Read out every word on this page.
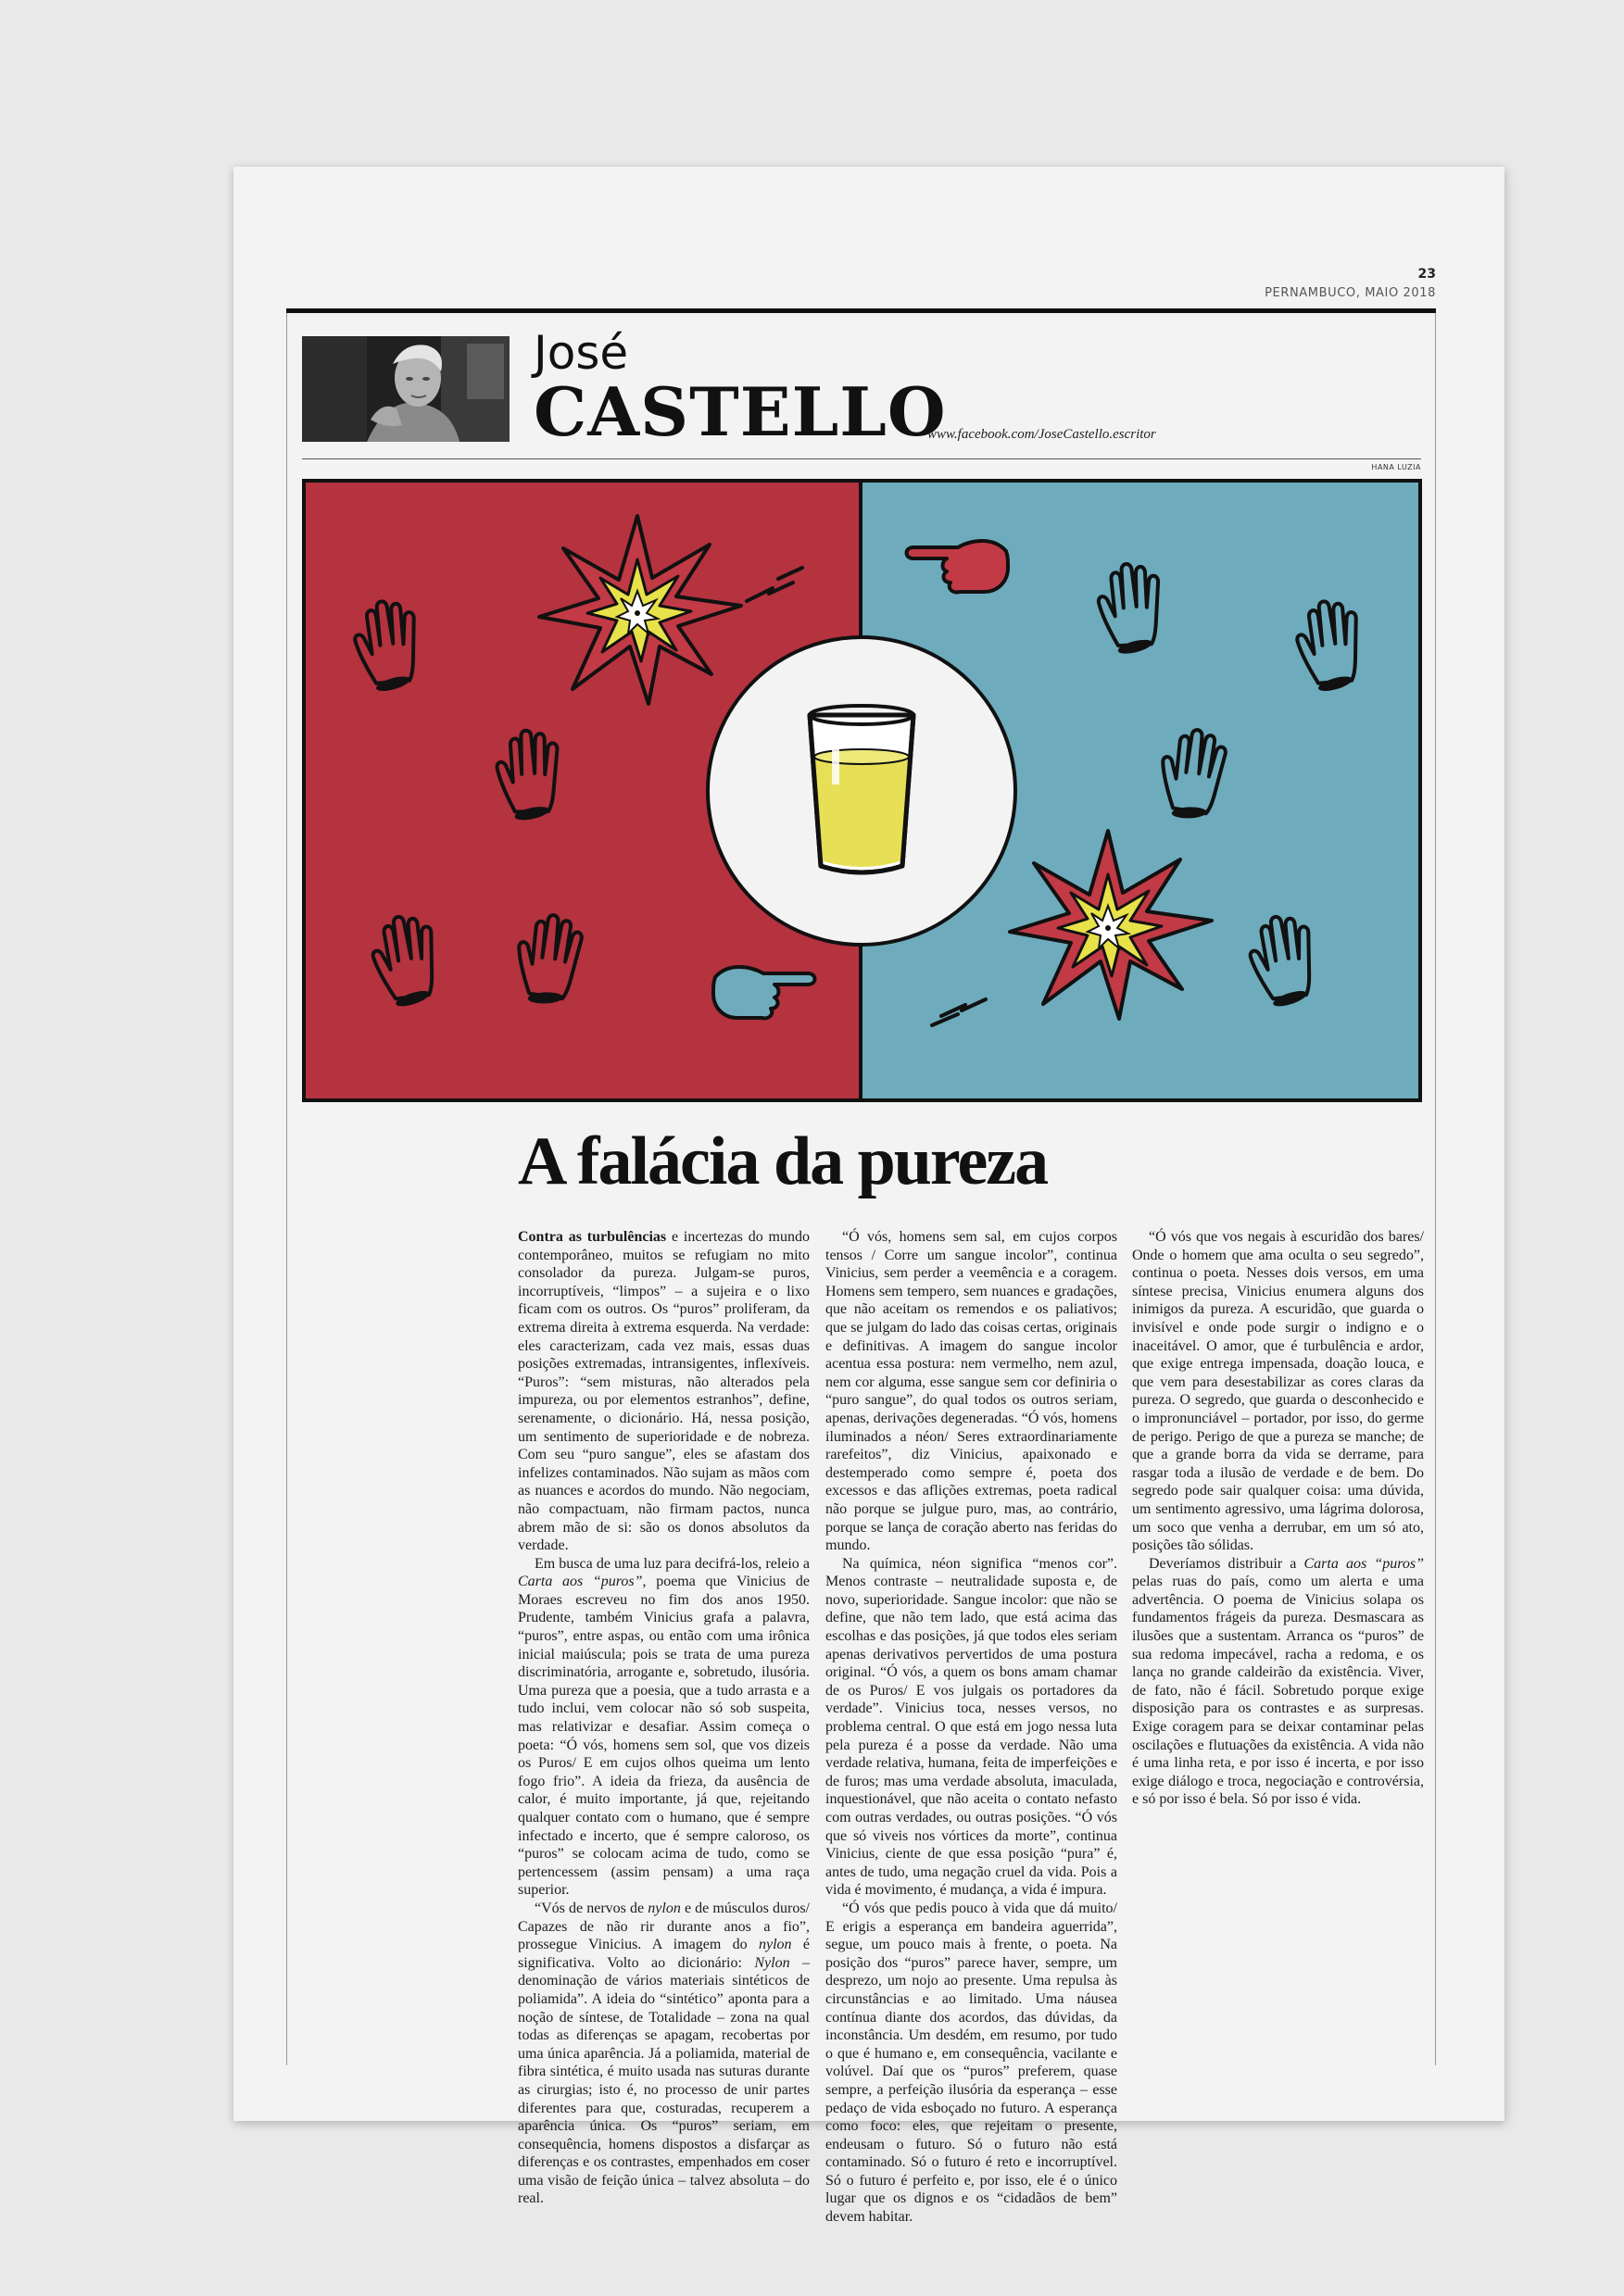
23
PERNAMBUCO, MAIO 2018
José
CASTELLO
www.facebook.com/JoseCastello.escritor
HANA LUZIA
A falácia da pureza

Contra as turbulências e incertezas do mundo contemporâneo, muitos se refugiam no mito consolador da pureza. Julgam-se puros, incorruptíveis, “limpos” – a sujeira e o lixo ficam com os outros. Os “puros” proliferam, da extrema direita à extrema esquerda. Na verdade: eles caracterizam, cada vez mais, essas duas posições extremadas, intransigentes, inflexíveis. “Puros”: “sem misturas, não alterados pela impureza, ou por elementos estranhos”, define, serenamente, o dicionário. Há, nessa posição, um sentimento de superioridade e de nobreza. Com seu “puro sangue”, eles se afastam dos infelizes contaminados. Não sujam as mãos com as nuances e acordos do mundo. Não negociam, não compactuam, não firmam pactos, nunca abrem mão de si: são os donos absolutos da verdade.

Em busca de uma luz para decifrá-los, releio a Carta aos “puros”, poema que Vinicius de Moraes escreveu no fim dos anos 1950. Prudente, também Vinicius grafa a palavra, “puros”, entre aspas, ou então com uma irônica inicial maiúscula; pois se trata de uma pureza discriminatória, arrogante e, sobretudo, ilusória. Uma pureza que a poesia, que a tudo arrasta e a tudo inclui, vem colocar não só sob suspeita, mas relativizar e desafiar. Assim começa o poeta: “Ó vós, homens sem sol, que vos dizeis os Puros/ E em cujos olhos queima um lento fogo frio”. A ideia da frieza, da ausência de calor, é muito importante, já que, rejeitando qualquer contato com o humano, que é sempre infectado e incerto, que é sempre caloroso, os “puros” se colocam acima de tudo, como se pertencessem (assim pensam) a uma raça superior.

“Vós de nervos de nylon e de músculos duros/ Capazes de não rir durante anos a fio”, prossegue Vinicius. A imagem do nylon é significativa. Volto ao dicionário: Nylon – denominação de vários materiais sintéticos de poliamida”. A ideia do “sintético” aponta para a noção de síntese, de Totalidade – zona na qual todas as diferenças se apagam, recobertas por uma única aparência. Já a poliamida, material de fibra sintética, é muito usada nas suturas durante as cirurgias; isto é, no processo de unir partes diferentes para que, costuradas, recuperem a aparência única. Os “puros” seriam, em consequência, homens dispostos a disfarçar as diferenças e os contrastes, empenhados em coser uma visão de feição única – talvez absoluta – do real.

“Ó vós, homens sem sal, em cujos corpos tensos / Corre um sangue incolor”, continua Vinicius, sem perder a veemência e a coragem. Homens sem tempero, sem nuances e gradações, que não aceitam os remendos e os paliativos; que se julgam do lado das coisas certas, originais e definitivas. A imagem do sangue incolor acentua essa postura: nem vermelho, nem azul, nem cor alguma, esse sangue sem cor definiria o “puro sangue”, do qual todos os outros seriam, apenas, derivações degeneradas. “Ó vós, homens iluminados a néon/ Seres extraordinariamente rarefeitos”, diz Vinicius, apaixonado e destemperado como sempre é, poeta dos excessos e das aflições extremas, poeta radical não porque se julgue puro, mas, ao contrário, porque se lança de coração aberto nas feridas do mundo.

Na química, néon significa “menos cor”. Menos contraste – neutralidade suposta e, de novo, superioridade. Sangue incolor: que não se define, que não tem lado, que está acima das escolhas e das posições, já que todos eles seriam apenas derivativos pervertidos de uma postura original. “Ó vós, a quem os bons amam chamar de os Puros/ E vos julgais os portadores da verdade”. Vinicius toca, nesses versos, no problema central. O que está em jogo nessa luta pela pureza é a posse da verdade. Não uma verdade relativa, humana, feita de imperfeições e de furos; mas uma verdade absoluta, imaculada, inquestionável, que não aceita o contato nefasto com outras verdades, ou outras posições. “Ó vós que só viveis nos vórtices da morte”, continua Vinicius, ciente de que essa posição “pura” é, antes de tudo, uma negação cruel da vida. Pois a vida é movimento, é mudança, a vida é impura.

“Ó vós que pedis pouco à vida que dá muito/ E erigis a esperança em bandeira aguerrida”, segue, um pouco mais à frente, o poeta. Na posição dos “puros” parece haver, sempre, um desprezo, um nojo ao presente. Uma repulsa às circunstâncias e ao limitado. Uma náusea contínua diante dos acordos, das dúvidas, da inconstância. Um desdém, em resumo, por tudo o que é humano e, em consequência, vacilante e volúvel. Daí que os “puros” preferem, quase sempre, a perfeição ilusória da esperança – esse pedaço de vida esboçado no futuro. A esperança como foco: eles, que rejeitam o presente, endeusam o futuro. Só o futuro não está contaminado. Só o futuro é reto e incorruptível. Só o futuro é perfeito e, por isso, ele é o único lugar que os dignos e os “cidadãos de bem” devem habitar.

“Ó vós que vos negais à escuridão dos bares/ Onde o homem que ama oculta o seu segredo”, continua o poeta. Nesses dois versos, em uma síntese precisa, Vinicius enumera alguns dos inimigos da pureza. A escuridão, que guarda o invisível e onde pode surgir o indigno e o inaceitável. O amor, que é turbulência e ardor, que exige entrega impensada, doação louca, e que vem para desestabilizar as cores claras da pureza. O segredo, que guarda o desconhecido e o impronunciável – portador, por isso, do germe de perigo. Perigo de que a pureza se manche; de que a grande borra da vida se derrame, para rasgar toda a ilusão de verdade e de bem. Do segredo pode sair qualquer coisa: uma dúvida, um sentimento agressivo, uma lágrima dolorosa, um soco que venha a derrubar, em um só ato, posições tão sólidas.

Deveríamos distribuir a Carta aos “puros” pelas ruas do país, como um alerta e uma advertência. O poema de Vinicius solapa os fundamentos frágeis da pureza. Desmascara as ilusões que a sustentam. Arranca os “puros” de sua redoma impecável, racha a redoma, e os lança no grande caldeirão da existência. Viver, de fato, não é fácil. Sobretudo porque exige disposição para os contrastes e as surpresas. Exige coragem para se deixar contaminar pelas oscilações e flutuações da existência. A vida não é uma linha reta, e por isso é incerta, e por isso exige diálogo e troca, negociação e controvérsia, e só por isso é bela. Só por isso é vida.
